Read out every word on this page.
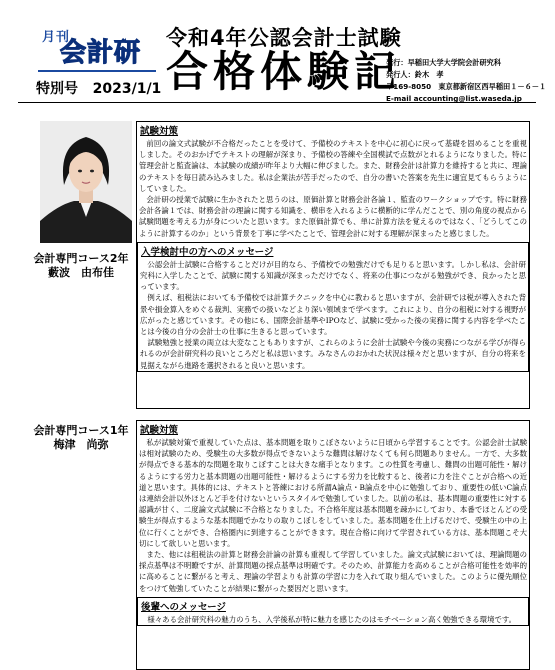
月刊
会計研
特別号 2023/1/1
令和4年公認会計士試験
合格体験記
発行：早稲田大学大学院会計研究科
発行人：鈴木　孝
〒169-8050　東京都新宿区西早稲田１－６－１
E-mail accounting@list.waseda.jp
会計専門コース2年
藪波　由布佳
試験対策

前回の論文式試験が不合格だったことを受けて、予備校のテキストを中心に初心に戻って基礎を固めることを重視しました。そのおかげでテキストの理解が深まり、予備校の答練や全国模試で点数がとれるようになりました。特に管理会計と監査論は、本試験の成績が昨年より大幅に伸びました。また、財務会計は計算力を維持すると共に、理論のテキストを毎日読み込みました。私は企業法が苦手だったので、自分の書いた答案を先生に適宜見てもらうようにしていました。

会計研の授業で試験に生かされたと思うのは、原価計算と財務会計各論１、監査のワークショップです。特に財務会計各論１では、財務会計の理論に関する知識を、横串を入れるように横断的に学んだことで、別の角度の視点から試験問題を考える力が身についたと思います。また原価計算でも、単に計算方法を覚えるのではなく、「どうしてこのように計算するのか」という背景を丁寧に学べたことで、管理会計に対する理解が深まったと感じました。

入学検討中の方へのメッセージ

公認会計士試験に合格することだけが目的なら、予備校での勉強だけでも足りると思います。しかし私は、会計研究科に入学したことで、試験に関する知識が深まっただけでなく、将来の仕事につながる勉強ができ、良かったと思っています。

例えば、租税法においても予備校では計算テクニックを中心に教わると思いますが、会計研では税が導入された背景や損金算入をめぐる裁判、実務での扱いなどより深い領域まで学べます。これにより、自分の租税に対する視野が広がったと感じています。その他にも、国際会計基準やIPOなど、試験に受かった後の実務に関する内容を学べたことは今後の自分の会計士の仕事に生きると思っています。

試験勉強と授業の両立は大変なこともありますが、これらのように会計士試験や今後の実務につながる学びが得られるのが会計研究科の良いところだと私は思います。みなさんのおかれた状況は様々だと思いますが、自分の将来を見据えながら進路を選択されると良いと思います。

会計専門コース1年
梅津　尚弥
試験対策

私が試験対策で重視していた点は、基本問題を取りこぼさないように日頃から学習することです。公認会計士試験は相対試験のため、受験生の大多数が得点できないような難問は解けなくても何ら問題ありません。一方で、大多数が得点できる基本的な問題を取りこぼすことは大きな痛手となります。この性質を考慮し、難問の出題可能性・解けるようにする労力と基本問題の出題可能性・解けるようにする労力を比較すると、後者に力を注ぐことが合格への近道と思います。具体的には、テキストと答練における所謂A論点・B論点を中心に勉強しており、重要性の低いC論点は連結会計以外ほとんど手を付けないというスタイルで勉強していました。以前の私は、基本問題の重要性に対する認識が甘く、二度論文式試験に不合格となりました。不合格年度は基本問題を疎かにしており、本番でほとんどの受験生が得点するような基本問題でかなりの取りこぼしをしていました。基本問題を仕上げるだけで、受験生の中の上位に行くことができ、合格圏内に到達することができます。現在合格に向けて学習されている方は、基本問題こそ大切にして欲しいと思います。

また、他には租税法の計算と財務会計論の計算も重視して学習していました。論文式試験においては、理論問題の採点基準は不明瞭ですが、計算問題の採点基準は明確です。そのため、計算能力を高めることが合格可能性を効率的に高めることに繋がると考え、理論の学習よりも計算の学習に力を入れて取り組んでいました。このように優先順位をつけて勉強していたことが結果に繋がった要因だと思います。

後輩へのメッセージ

様々ある会計研究科の魅力のうち、入学後私が特に魅力を感じたのはモチベーション高く勉強できる環境です。
